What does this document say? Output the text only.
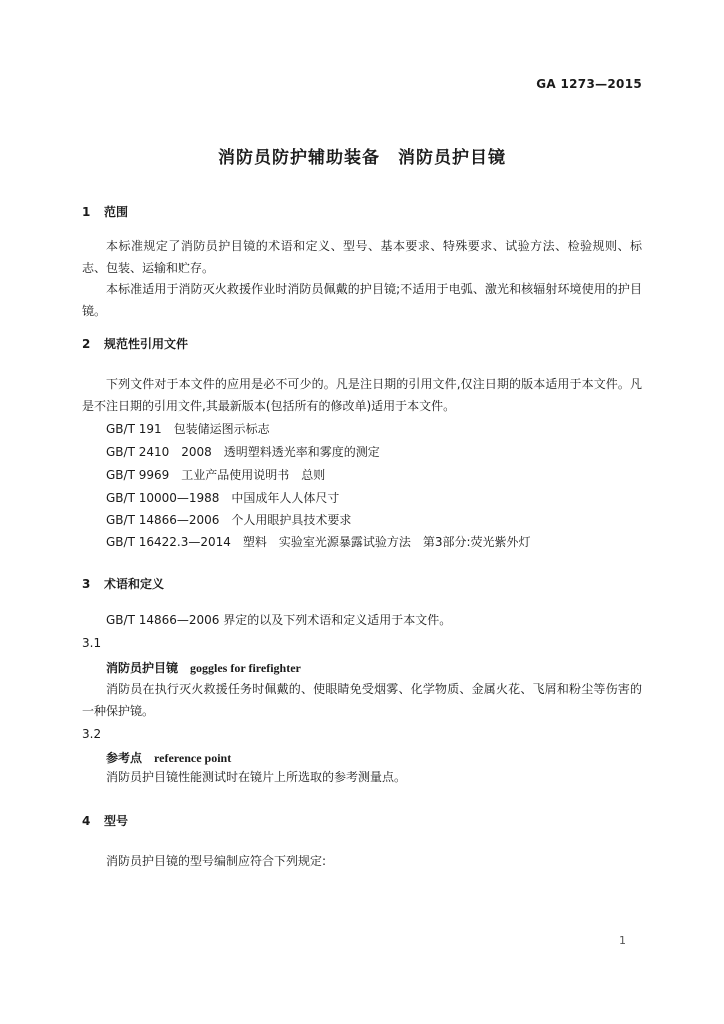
GA 1273—2015
消防员防护辅助装备　消防员护目镜
1 范围
本标准规定了消防员护目镜的术语和定义、型号、基本要求、特殊要求、试验方法、检验规则、标志、包装、运输和贮存。
本标准适用于消防灭火救援作业时消防员佩戴的护目镜;不适用于电弧、激光和核辐射环境使用的护目镜。
2 规范性引用文件
下列文件对于本文件的应用是必不可少的。凡是注日期的引用文件,仅注日期的版本适用于本文件。凡是不注日期的引用文件,其最新版本(包括所有的修改单)适用于本文件。
GB/T 191　包装储运图示标志
GB/T 2410　2008　透明塑料透光率和雾度的测定
GB/T 9969　工业产品使用说明书　总则
GB/T 10000—1988　中国成年人人体尺寸
GB/T 14866—2006　个人用眼护具技术要求
GB/T 16422.3—2014　塑料　实验室光源暴露试验方法　第3部分:荧光紫外灯
3 术语和定义
GB/T 14866—2006 界定的以及下列术语和定义适用于本文件。
3.1
消防员护目镜 goggles for firefighter
消防员在执行灭火救援任务时佩戴的、使眼睛免受烟雾、化学物质、金属火花、飞屑和粉尘等伤害的一种保护镜。
3.2
参考点 reference point
消防员护目镜性能测试时在镜片上所选取的参考测量点。
4 型号
消防员护目镜的型号编制应符合下列规定:
1
